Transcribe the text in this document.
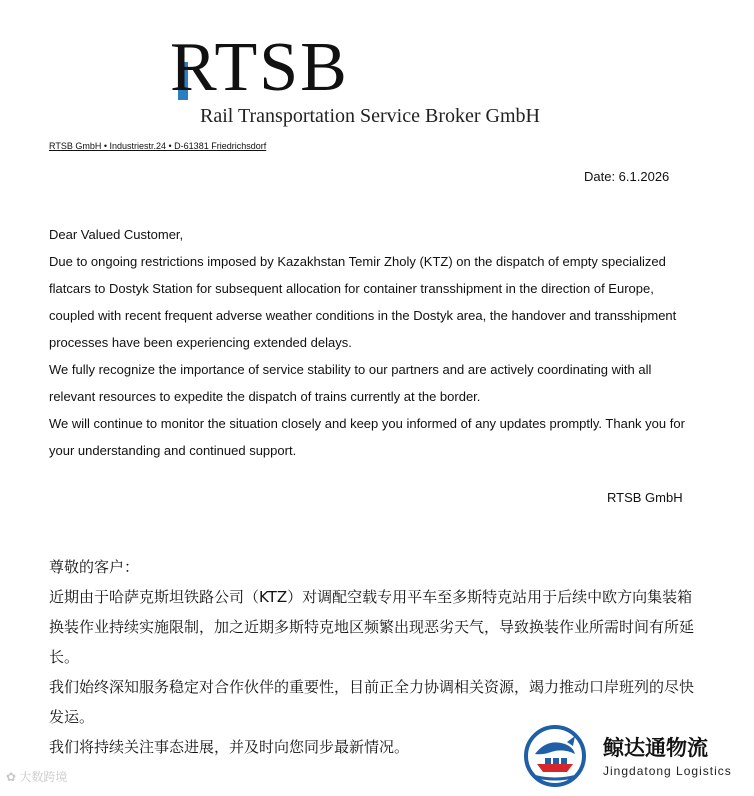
RTSB
Rail Transportation Service Broker GmbH
RTSB GmbH • Industriestr.24 • D-61381 Friedrichsdorf
Date: 6.1.2026

Dear Valued Customer,

Due to ongoing restrictions imposed by Kazakhstan Temir Zholy (KTZ) on the dispatch of empty specialized flatcars to Dostyk Station for subsequent allocation for container transshipment in the direction of Europe, coupled with recent frequent adverse weather conditions in the Dostyk area, the handover and transshipment processes have been experiencing extended delays.

We fully recognize the importance of service stability to our partners and are actively coordinating with all relevant resources to expedite the dispatch of trains currently at the border.

We will continue to monitor the situation closely and keep you informed of any updates promptly. Thank you for your understanding and continued support.

RTSB GmbH

尊敬的客户：

近期由于哈萨克斯坦铁路公司（KTZ）对调配空载专用平车至多斯特克站用于后续中欧方向集装箱换装作业持续实施限制，加之近期多斯特克地区频繁出现恶劣天气，导致换装作业所需时间有所延长。

我们始终深知服务稳定对合作伙伴的重要性，目前正全力协调相关资源，竭力推动口岸班列的尽快发运。

我们将持续关注事态进展，并及时向您同步最新情况。

✿ 大数跨境
鲸达通物流
Jingdatong Logistics
